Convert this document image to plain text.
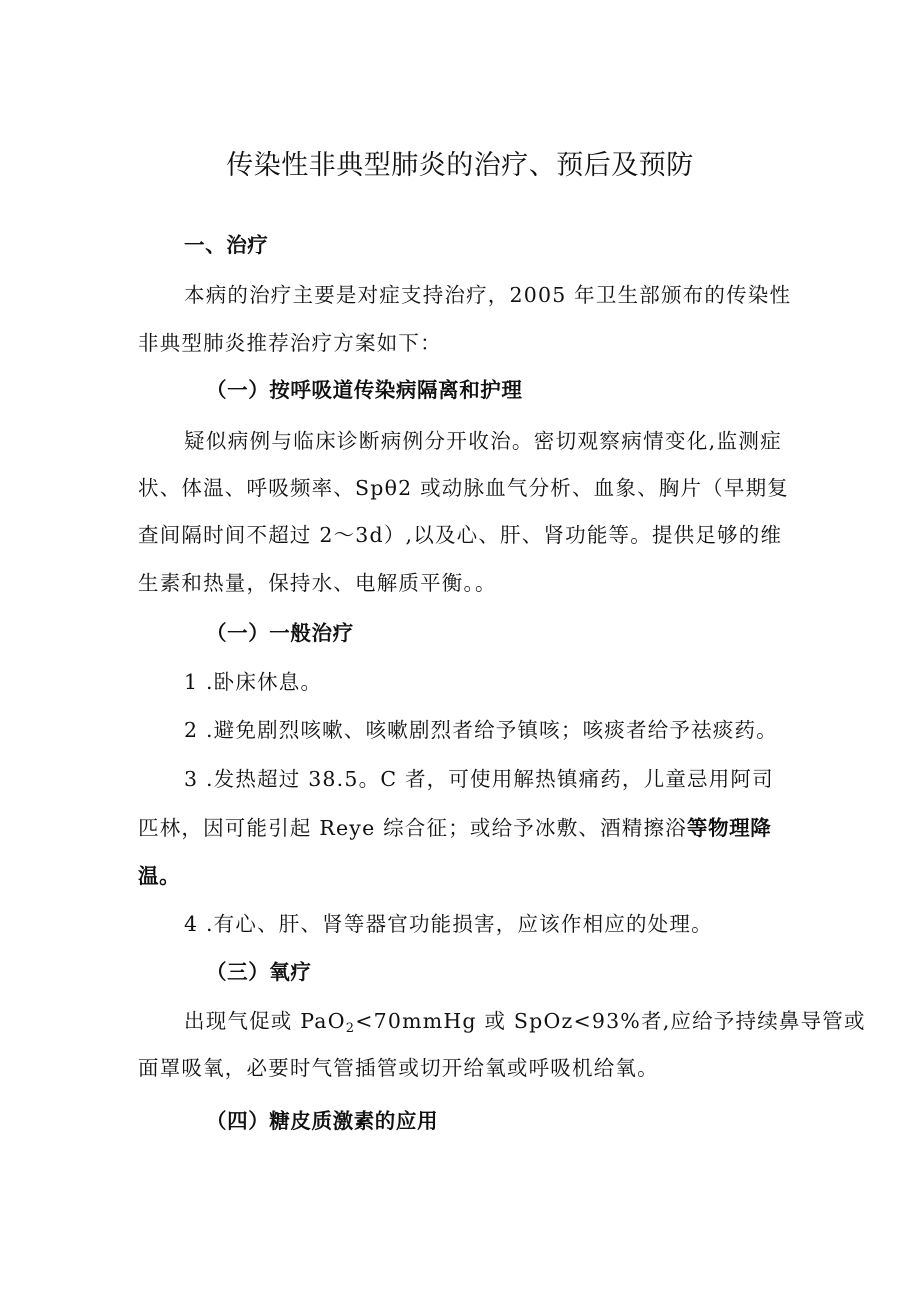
传染性非典型肺炎的治疗、预后及预防
一、治疗
本病的治疗主要是对症支持治疗，2005 年卫生部颁布的传染性
非典型肺炎推荐治疗方案如下：
（一）按呼吸道传染病隔离和护理
疑似病例与临床诊断病例分开收治。密切观察病情变化,监测症
状、体温、呼吸频率、Spθ2 或动脉血气分析、血象、胸片（早期复
查间隔时间不超过 2～3d）,以及心、肝、肾功能等。提供足够的维
生素和热量，保持水、电解质平衡。。
（一）一般治疗
1 .卧床休息。
2 .避免剧烈咳嗽、咳嗽剧烈者给予镇咳；咳痰者给予祛痰药。
3 .发热超过 38.5。C 者，可使用解热镇痛药，儿童忌用阿司
匹林，因可能引起 Reye 综合征；或给予冰敷、酒精擦浴等物理降
温。
4 .有心、肝、肾等器官功能损害，应该作相应的处理。
（三）氧疗
出现气促或 PaO$_2$<70mmHg 或 SpOz<93%者,应给予持续鼻导管或
面罩吸氧，必要时气管插管或切开给氧或呼吸机给氧。
（四）糖皮质激素的应用
